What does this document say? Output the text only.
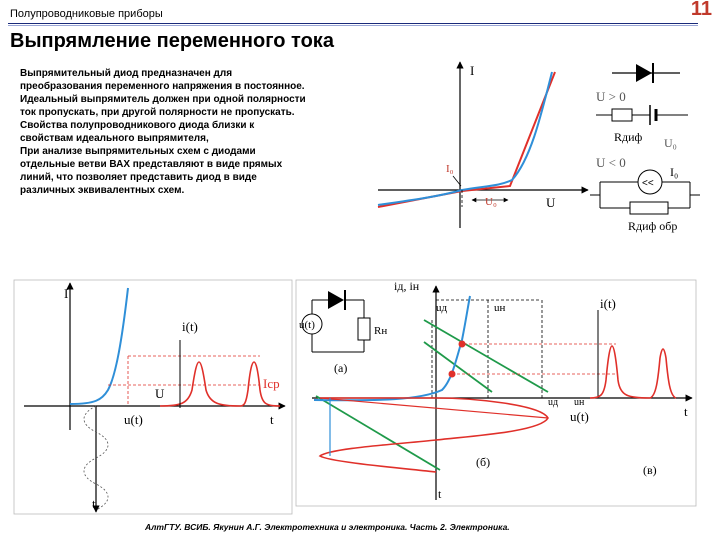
Полупроводниковые приборы	11
Выпрямление переменного тока
Выпрямительный диод предназначен для
преобразования переменного напряжения в постоянное.
Идеальный выпрямитель должен при одной полярности
ток пропускать, при другой полярности не пропускать.
Свойства полупроводникового диода близки к
свойствам идеального выпрямителя,
При анализе выпрямительных схем с диодами
отдельные ветви ВАХ представляют в виде прямых
линий, что позволяет представить диод в виде
различных эквивалентных схем.
I
U
U₀
I₀
U > 0
Rдиф U₀
U < 0
I₀
<<
Rдиф обр
I
i(t)
U
Icp
t
u(t)
t
u(t)	Rн
(а)
iд, iн
uд	uн	i(t)
(б)
(в)
u(t)
uд uн
t
t
АлтГТУ. ВСИБ. Якунин А.Г. Электротехника и электроника. Часть 2. Электроника.
